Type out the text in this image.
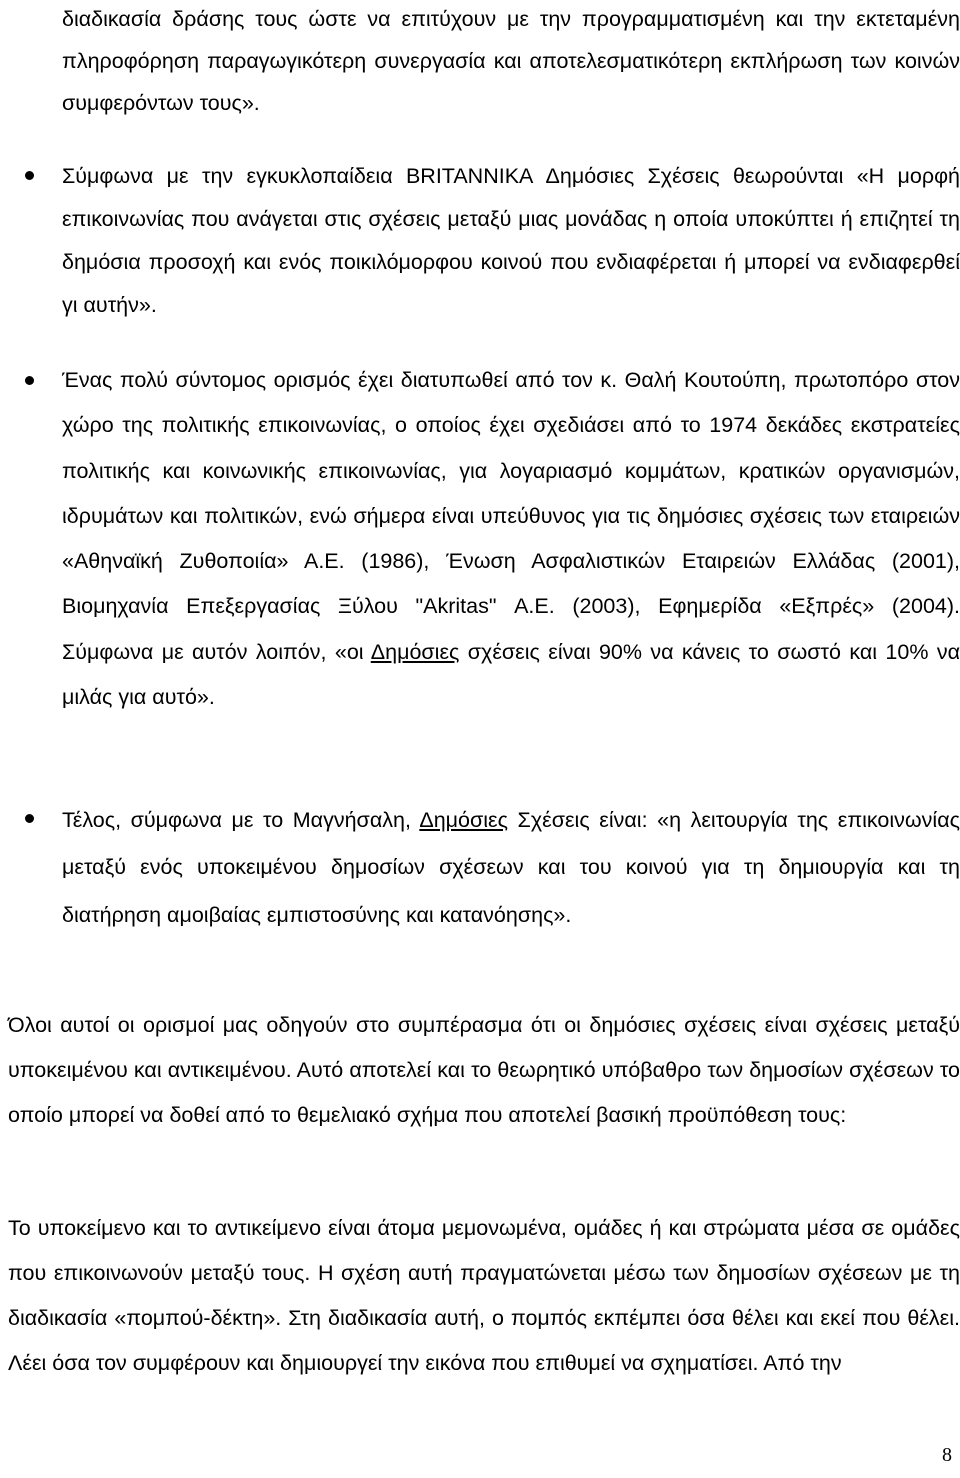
διαδικασία δράσης τους ώστε να επιτύχουν με την προγραμματισμένη και την εκτεταμένη πληροφόρηση παραγωγικότερη συνεργασία και αποτελεσματικότερη εκπλήρωση των κοινών συμφερόντων τους».
Σύμφωνα με την εγκυκλοπαίδεια BRITANNIKA Δημόσιες Σχέσεις θεωρούνται «Η μορφή επικοινωνίας που ανάγεται στις σχέσεις μεταξύ μιας μονάδας η οποία υποκύπτει ή επιζητεί τη δημόσια προσοχή και ενός ποικιλόμορφου κοινού που ενδιαφέρεται ή μπορεί να ενδιαφερθεί γι αυτήν».
Ένας πολύ σύντομος ορισμός έχει διατυπωθεί από τον κ. Θαλή Κουτούπη, πρωτοπόρο στον χώρο της πολιτικής επικοινωνίας, ο οποίος έχει σχεδιάσει από το 1974 δεκάδες εκστρατείες πολιτικής και κοινωνικής επικοινωνίας, για λογαριασμό κομμάτων, κρατικών οργανισμών, ιδρυμάτων και πολιτικών, ενώ σήμερα είναι υπεύθυνος για τις δημόσιες σχέσεις των εταιρειών «Αθηναϊκή Ζυθοποιία» Α.Ε. (1986), Ένωση Ασφαλιστικών Εταιρειών Ελλάδας (2001), Βιομηχανία Επεξεργασίας Ξύλου "Akritas" Α.Ε. (2003), Εφημερίδα «Εξπρές» (2004). Σύμφωνα με αυτόν λοιπόν, «οι Δημόσιες σχέσεις είναι 90% να κάνεις το σωστό και 10% να μιλάς για αυτό».
Τέλος, σύμφωνα με το Μαγνήσαλη, Δημόσιες Σχέσεις είναι: «η λειτουργία της επικοινωνίας μεταξύ ενός υποκειμένου δημοσίων σχέσεων και του κοινού για τη δημιουργία και τη διατήρηση αμοιβαίας εμπιστοσύνης και κατανόησης».
Όλοι αυτοί οι ορισμοί μας οδηγούν στο συμπέρασμα ότι οι δημόσιες σχέσεις είναι σχέσεις μεταξύ υποκειμένου και αντικειμένου. Αυτό αποτελεί και το θεωρητικό υπόβαθρο των δημοσίων σχέσεων το οποίο μπορεί να δοθεί από το θεμελιακό σχήμα που αποτελεί βασική προϋπόθεση τους:
Το υποκείμενο και το αντικείμενο είναι άτομα μεμονωμένα, ομάδες ή και στρώματα μέσα σε ομάδες που επικοινωνούν μεταξύ τους. Η σχέση αυτή πραγματώνεται μέσω των δημοσίων σχέσεων με τη διαδικασία «πομπού-δέκτη». Στη διαδικασία αυτή, ο πομπός εκπέμπει όσα θέλει και εκεί που θέλει. Λέει όσα τον συμφέρουν και δημιουργεί την εικόνα που επιθυμεί να σχηματίσει. Από την
8
